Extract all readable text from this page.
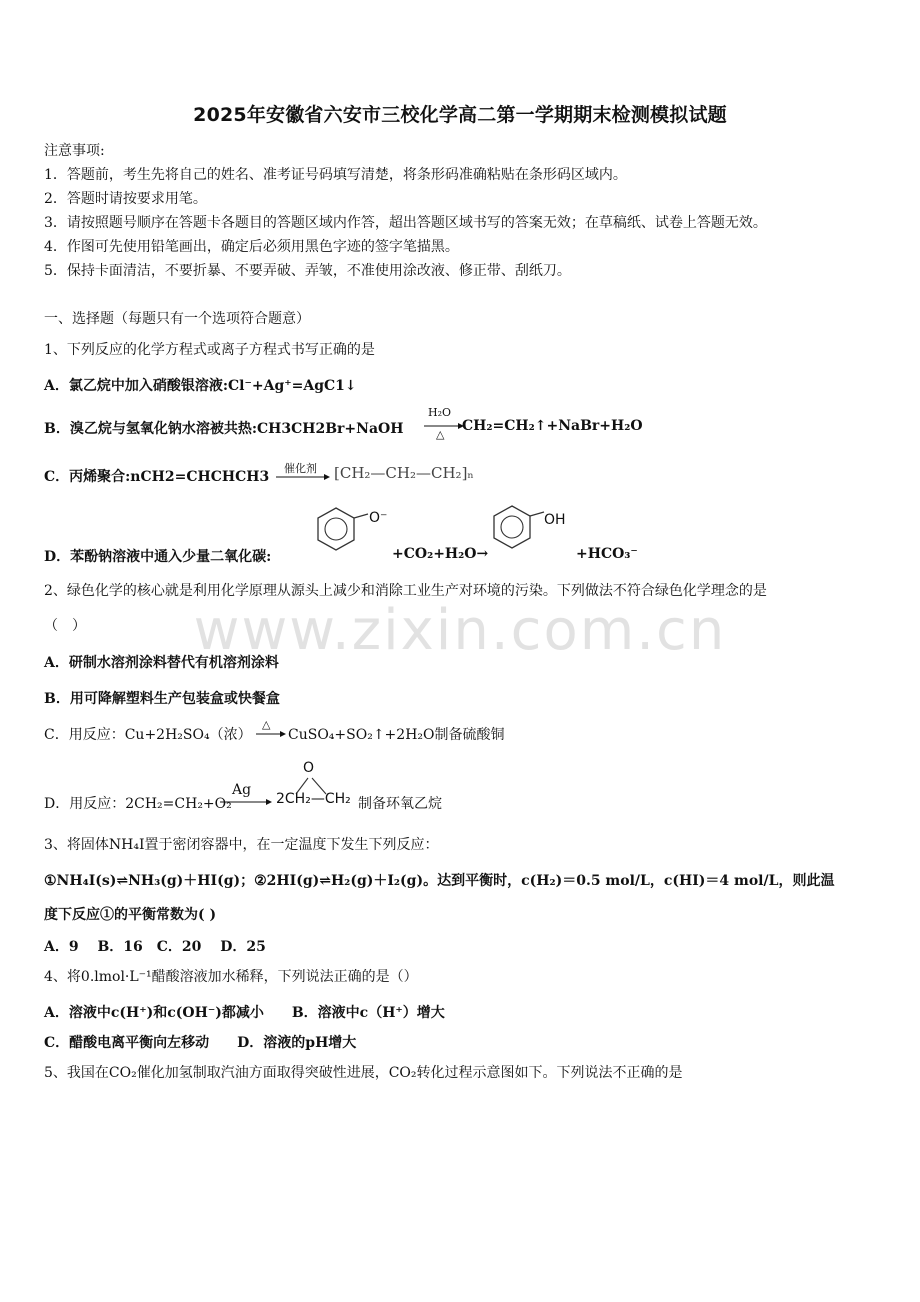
2025年安徽省六安市三校化学高二第一学期期末检测模拟试题
注意事项:
1．答题前，考生先将自己的姓名、准考证号码填写清楚，将条形码准确粘贴在条形码区域内。
2．答题时请按要求用笔。
3．请按照题号顺序在答题卡各题目的答题区域内作答，超出答题区域书写的答案无效；在草稿纸、试卷上答题无效。
4．作图可先使用铅笔画出，确定后必须用黑色字迹的签字笔描黑。
5．保持卡面清洁，不要折暴、不要弄破、弄皱，不准使用涂改液、修正带、刮纸刀。
一、选择题（每题只有一个选项符合题意）
1、下列反应的化学方程式或离子方程式书写正确的是
A．氯乙烷中加入硝酸银溶液:Cl⁻+Ag⁺=AgC1↓
B．溴乙烷与氢氧化钠水溶被共热:CH3CH2Br+NaOH
H₂O
△
CH₂=CH₂↑+NaBr+H₂O
C．丙烯聚合:nCH2=CHCHCH3
催化剂 [CH₂—CH₂—CH₂]ₙ
O⁻	OH
D．苯酚钠溶液中通入少量二氧化碳:	+CO₂+H₂O→	+HCO₃⁻
2、绿色化学的核心就是利用化学原理从源头上减少和消除工业生产对环境的污染。下列做法不符合绿色化学理念的是
（　）
A．研制水溶剂涂料替代有机溶剂涂料
B．用可降解塑料生产包装盒或快餐盒
C．用反应：Cu+2H₂SO₄（浓）
△
CuSO₄+SO₂↑+2H₂O制备硫酸铜
D．用反应：2CH₂=CH₂+O₂
Ag
O
2CH₂—CH₂ 制备环氧乙烷
www.zixin.com.cn
3、将固体NH₄I置于密闭容器中，在一定温度下发生下列反应：
①NH₄I(s)⇌NH₃(g)＋HI(g)；②2HI(g)⇌H₂(g)＋I₂(g)。达到平衡时，c(H₂)＝0.5 mol/L，c(HI)＝4 mol/L，则此温
度下反应①的平衡常数为( )
A．9　 B．16　C．20　 D．25
4、将0.lmol·L⁻¹醋酸溶液加水稀释，下列说法正确的是（）
A．溶液中c(H⁺)和c(OH⁻)都减小　　B．溶液中c（H⁺）增大
C．醋酸电离平衡向左移动　　D．溶液的pH增大
5、我国在CO₂催化加氢制取汽油方面取得突破性进展，CO₂转化过程示意图如下。下列说法不正确的是
